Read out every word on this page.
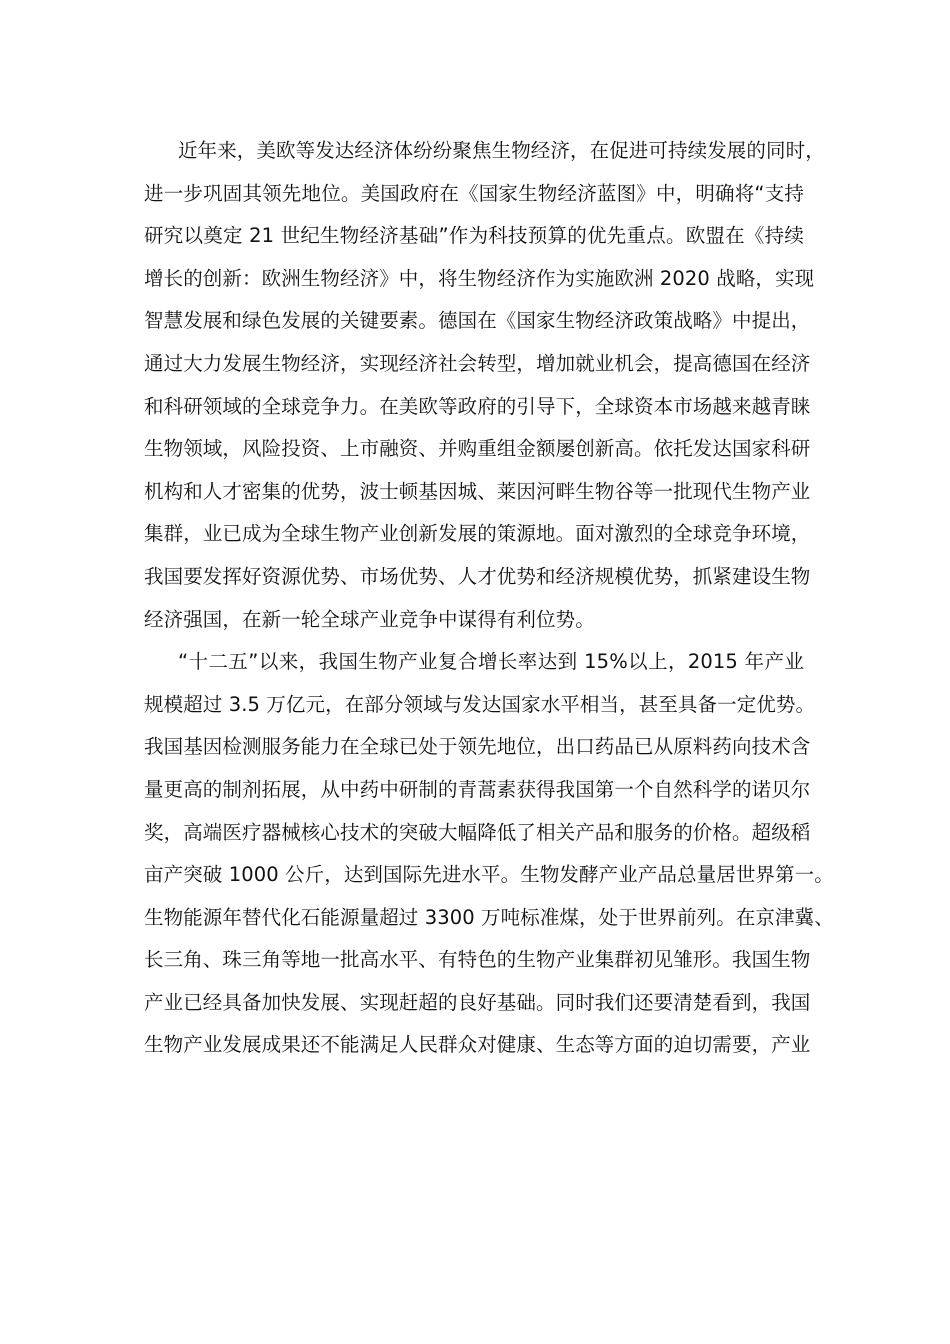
近年来，美欧等发达经济体纷纷聚焦生物经济，在促进可持续发展的同时，
进一步巩固其领先地位。美国政府在《国家生物经济蓝图》中，明确将“支持
研究以奠定 21 世纪生物经济基础”作为科技预算的优先重点。欧盟在《持续
增长的创新：欧洲生物经济》中，将生物经济作为实施欧洲 2020 战略，实现
智慧发展和绿色发展的关键要素。德国在《国家生物经济政策战略》中提出，
通过大力发展生物经济，实现经济社会转型，增加就业机会，提高德国在经济
和科研领域的全球竞争力。在美欧等政府的引导下，全球资本市场越来越青睐
生物领域，风险投资、上市融资、并购重组金额屡创新高。依托发达国家科研
机构和人才密集的优势，波士顿基因城、莱因河畔生物谷等一批现代生物产业
集群，业已成为全球生物产业创新发展的策源地。面对激烈的全球竞争环境，
我国要发挥好资源优势、市场优势、人才优势和经济规模优势，抓紧建设生物
经济强国，在新一轮全球产业竞争中谋得有利位势。
“十二五”以来，我国生物产业复合增长率达到 15%以上，2015 年产业
规模超过 3.5 万亿元，在部分领域与发达国家水平相当，甚至具备一定优势。
我国基因检测服务能力在全球已处于领先地位，出口药品已从原料药向技术含
量更高的制剂拓展，从中药中研制的青蒿素获得我国第一个自然科学的诺贝尔
奖，高端医疗器械核心技术的突破大幅降低了相关产品和服务的价格。超级稻
亩产突破 1000 公斤，达到国际先进水平。生物发酵产业产品总量居世界第一。
生物能源年替代化石能源量超过 3300 万吨标准煤，处于世界前列。在京津冀、
长三角、珠三角等地一批高水平、有特色的生物产业集群初见雏形。我国生物
产业已经具备加快发展、实现赶超的良好基础。同时我们还要清楚看到，我国
生物产业发展成果还不能满足人民群众对健康、生态等方面的迫切需要，产业
